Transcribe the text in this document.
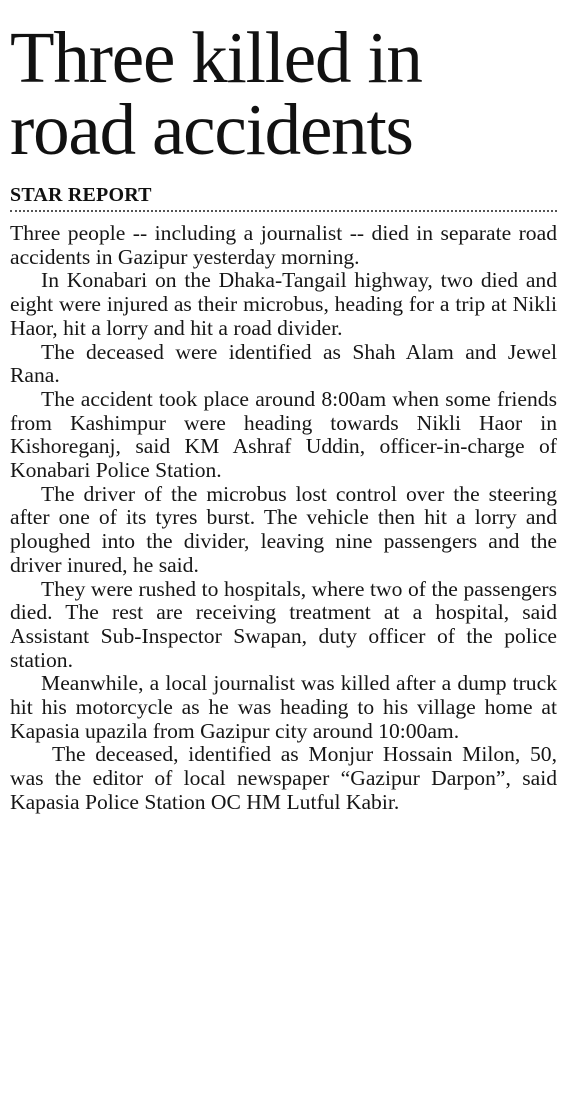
Three killed in
road accidents
STAR REPORT

Three people -- including a journalist -- died in separate road accidents in Gazipur yesterday morning.

In Konabari on the Dhaka-Tangail highway, two died and eight were injured as their microbus, heading for a trip at Nikli Haor, hit a lorry and hit a road divider.

The deceased were identified as Shah Alam and Jewel Rana.

The accident took place around 8:00am when some friends from Kashimpur were heading towards Nikli Haor in Kishoreganj, said KM Ashraf Uddin, officer-in-charge of Konabari Police Station.

The driver of the microbus lost control over the steering after one of its tyres burst. The vehicle then hit a lorry and ploughed into the divider, leaving nine passengers and the driver inured, he said.

They were rushed to hospitals, where two of the passengers died. The rest are receiving treatment at a hospital, said Assistant Sub-Inspector Swapan, duty officer of the police station.

Meanwhile, a local journalist was killed after a dump truck hit his motorcycle as he was heading to his village home at Kapasia upazila from Gazipur city around 10:00am.

The deceased, identified as Monjur Hossain Milon, 50, was the editor of local newspaper “Gazipur Darpon”, said Kapasia Police Station OC HM Lutful Kabir.
